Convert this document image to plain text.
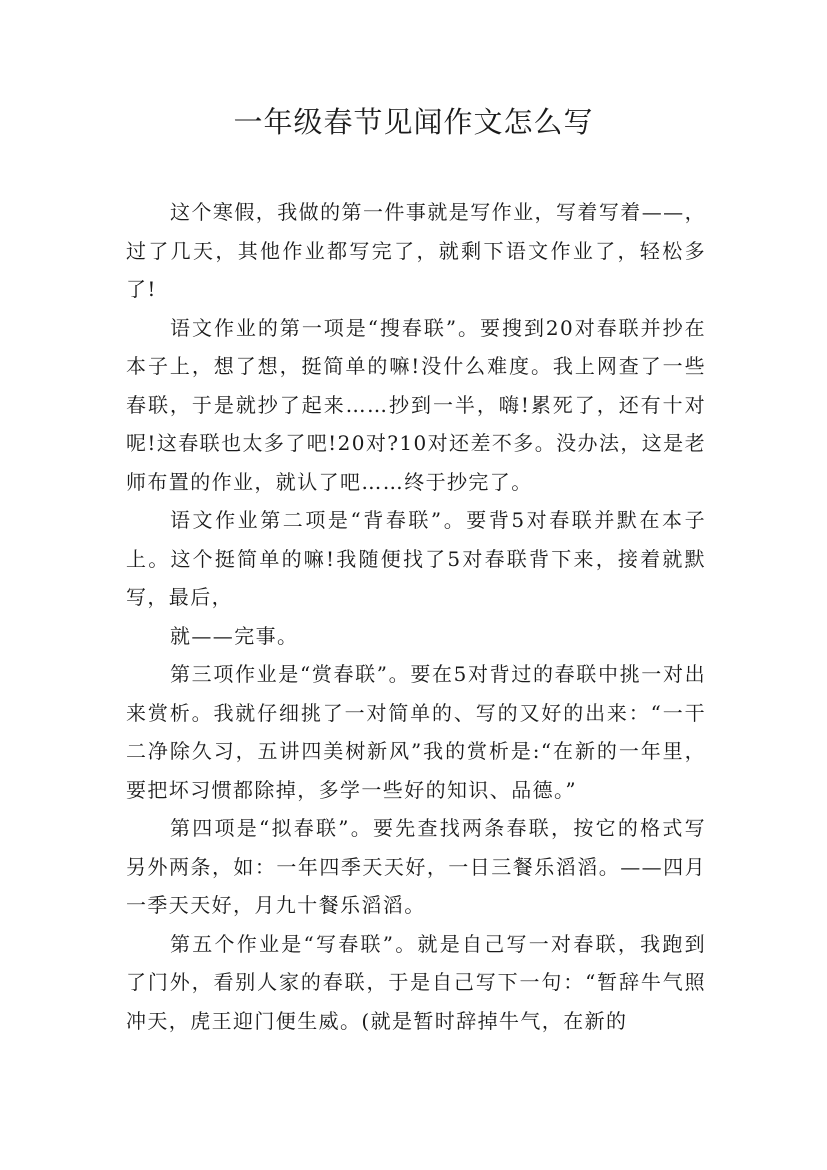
一年级春节见闻作文怎么写

这个寒假，我做的第一件事就是写作业，写着写着——，过了几天，其他作业都写完了，就剩下语文作业了，轻松多了!

语文作业的第一项是“搜春联”。要搜到20对春联并抄在本子上，想了想，挺简单的嘛!没什么难度。我上网查了一些春联，于是就抄了起来……抄到一半，嗨!累死了，还有十对呢!这春联也太多了吧!20对?10对还差不多。没办法，这是老师布置的作业，就认了吧……终于抄完了。

语文作业第二项是“背春联”。要背5对春联并默在本子上。这个挺简单的嘛!我随便找了5对春联背下来，接着就默写，最后，

就——完事。

第三项作业是“赏春联”。要在5对背过的春联中挑一对出来赏析。我就仔细挑了一对简单的、写的又好的出来：“一干二净除久习，五讲四美树新风”我的赏析是:“在新的一年里，要把坏习惯都除掉，多学一些好的知识、品德。”

第四项是“拟春联”。要先查找两条春联，按它的格式写另外两条，如：一年四季天天好，一日三餐乐滔滔。——四月一季天天好，月九十餐乐滔滔。

第五个作业是“写春联”。就是自己写一对春联，我跑到了门外，看别人家的春联，于是自己写下一句：“暂辞牛气照冲天，虎王迎门便生威。(就是暂时辞掉牛气，在新的
